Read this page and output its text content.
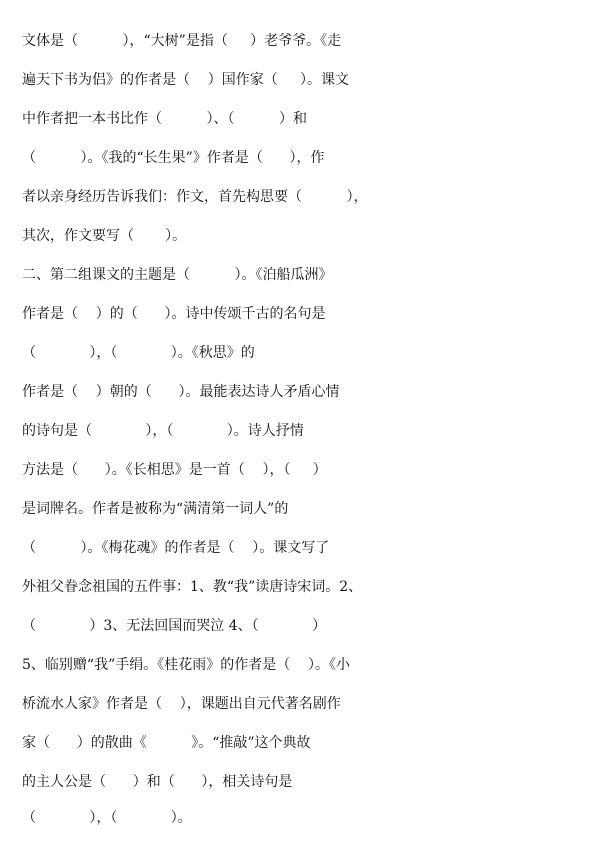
文体是（          ），“大树”是指（     ）老爷爷。《走
遍天下书为侣》的作者是（    ）国作家（     ）。课文
中作者把一本书比作（          ）、（          ）和
（          ）。《我的“长生果”》作者是（      ），作
者以亲身经历告诉我们：作文，首先构思要（          ），
其次，作文要写（       ）。
二、第二组课文的主题是（          ）。《泊船瓜洲》
作者是（    ）的（      ）。诗中传颂千古的名句是
（            ），（            ）。《秋思》的
作者是（    ）朝的（      ）。最能表达诗人矛盾心情
的诗句是（            ），（            ）。诗人抒情
方法是（      ）。《长相思》是一首（    ），（     ）
是词牌名。作者是被称为“满清第一词人”的
（          ）。《梅花魂》的作者是（    ）。课文写了
外祖父眷念祖国的五件事：1、教“我”读唐诗宋词。2、
（            ）3、无法回国而哭泣 4、（            ）
5、临别赠“我”手绢。《桂花雨》的作者是（    ）。《小
桥流水人家》作者是（    ），课题出自元代著名剧作
家（      ）的散曲《          》。“推敲”这个典故
的主人公是（      ）和（      ），相关诗句是
（            ），（            ）。
